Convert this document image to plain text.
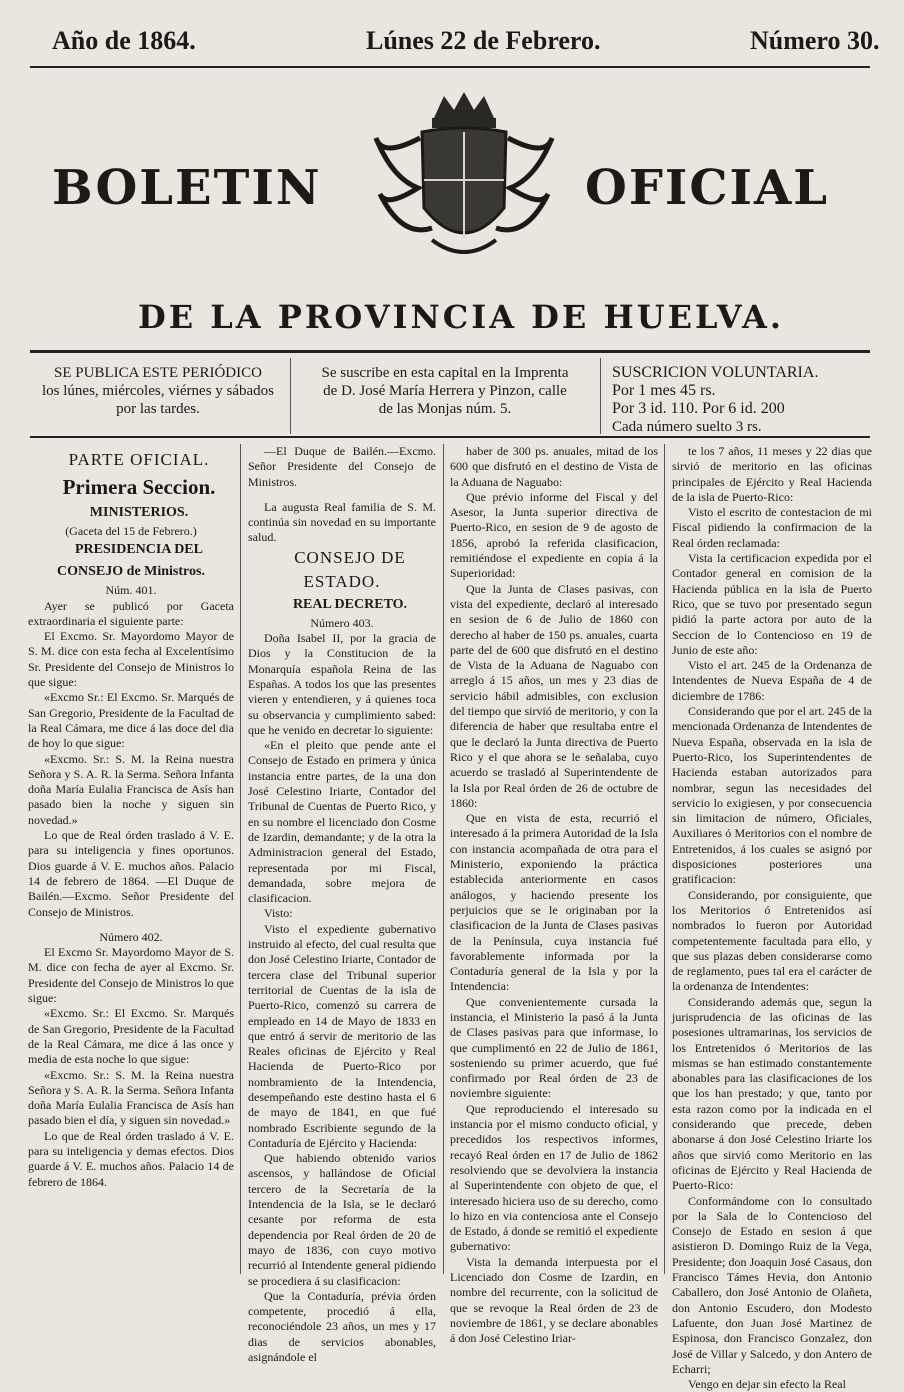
Año de 1864.	Lúnes 22 de Febrero.	Número 30.
BOLETIN	OFICIAL
DE LA PROVINCIA DE HUELVA.
SE PUBLICA ESTE PERIÓDICO
los lúnes, miércoles, viérnes y sábados
por las tardes.
Se suscribe en esta capital en la Imprenta
de D. José María Herrera y Pinzon, calle
de las Monjas núm. 5.
SUSCRICION VOLUNTARIA.
Por 1 mes 45 rs.
Por 3 id. 110. Por 6 id. 200
Cada número suelto 3 rs.

PARTE OFICIAL.

Primera Seccion.

MINISTERIOS.

(Gaceta del 15 de Febrero.)

PRESIDENCIA DEL CONSEJO de Ministros.

Núm. 401.

Ayer se publicó por Gaceta extraordinaria el siguiente parte:

El Excmo. Sr. Mayordomo Mayor de S. M. dice con esta fecha al Excelentísimo Sr. Presidente del Consejo de Ministros lo que sigue:

«Excmo Sr.: El Excmo. Sr. Marqués de San Gregorio, Presidente de la Facultad de la Real Cámara, me dice á las doce del dia de hoy lo que sigue:

«Excmo. Sr.: S. M. la Reina nuestra Señora y S. A. R. la Serma. Señora Infanta doña María Eulalia Francisca de Asís han pasado bien la noche y siguen sin novedad.»

Lo que de Real órden traslado á V. E. para su inteligencia y fines oportunos. Dios guarde á V. E. muchos años. Palacio 14 de febrero de 1864. —El Duque de Bailén.—Excmo. Señor Presidente del Consejo de Ministros.

Número 402.

El Excmo Sr. Mayordomo Mayor de S. M. dice con fecha de ayer al Excmo. Sr. Presidente del Consejo de Ministros lo que sigue:

«Excmo. Sr.: El Excmo. Sr. Marqués de San Gregorio, Presidente de la Facultad de la Real Cámara, me dice á las once y media de esta noche lo que sigue:

«Excmo. Sr.: S. M. la Reina nuestra Señora y S. A. R. la Serma. Señora Infanta doña María Eulalia Francisca de Asís han pasado bien el día, y siguen sin novedad.»

Lo que de Real órden traslado á V. E. para su inteligencia y demas efectos. Dios guarde á V. E. muchos años. Palacio 14 de febrero de 1864.

—El Duque de Bailén.—Excmo. Señor Presidente del Consejo de Ministros.

La augusta Real familia de S. M. continúa sin novedad en su importante salud.

CONSEJO DE ESTADO.

REAL DECRETO.

Número 403.

Doña Isabel II, por la gracia de Dios y la Constitucion de la Monarquía española Reina de las Españas. A todos los que las presentes vieren y entendieren, y á quienes toca su observancia y cumplimiento sabed: que he venido en decretar lo siguiente:

«En el pleito que pende ante el Consejo de Estado en primera y única instancia entre partes, de la una don José Celestino Iriarte, Contador del Tribunal de Cuentas de Puerto Rico, y en su nombre el licenciado don Cosme de Izardin, demandante; y de la otra la Administracion general del Estado, representada por mi Fiscal, demandada, sobre mejora de clasificacion.

Visto:

Visto el expediente gubernativo instruido al efecto, del cual resulta que don José Celestino Iriarte, Contador de tercera clase del Tribunal superior territorial de Cuentas de la isla de Puerto-Rico, comenzó su carrera de empleado en 14 de Mayo de 1833 en que entró á servir de meritorio de las Reales oficinas de Ejército y Real Hacienda de Puerto-Rico por nombramiento de la Intendencia, desempeñando este destino hasta el 6 de mayo de 1841, en que fué nombrado Escribiente segundo de la Contaduría de Ejército y Hacienda:

Que habiendo obtenido varios ascensos, y hallándose de Oficial tercero de la Secretaría de la Intendencia de la Isla, se le declaró cesante por reforma de esta dependencia por Real órden de 20 de mayo de 1836, con cuyo motivo recurrió al Intendente general pidiendo se procediera á su clasificacion:

Que la Contaduría, prévia órden competente, procedió á ella, reconociéndole 23 años, un mes y 17 dias de servicios abonables, asignándole el

haber de 300 ps. anuales, mitad de los 600 que disfrutó en el destino de Vista de la Aduana de Naguabo:

Que prévio informe del Fiscal y del Asesor, la Junta superior directiva de Puerto-Rico, en sesion de 9 de agosto de 1856, aprobó la referida clasificacion, remitiéndose el expediente en copia á la Superioridad:

Que la Junta de Clases pasivas, con vista del expediente, declaró al interesado en sesion de 6 de Julio de 1860 con derecho al haber de 150 ps. anuales, cuarta parte del de 600 que disfrutó en el destino de Vista de la Aduana de Naguabo con arreglo á 15 años, un mes y 23 dias de servicio hábil admisibles, con exclusion del tiempo que sirvió de meritorio, y con la diferencia de haber que resultaba entre el que le declaró la Junta directiva de Puerto Rico y el que ahora se le señalaba, cuyo acuerdo se trasladó al Superintendente de la Isla por Real órden de 26 de octubre de 1860:

Que en vista de esta, recurrió el interesado á la primera Autoridad de la Isla con instancia acompañada de otra para el Ministerio, exponiendo la práctica establecida anteriormente en casos análogos, y haciendo presente los perjuicios que se le originaban por la clasificacion de la Junta de Clases pasivas de la Península, cuya instancia fué favorablemente informada por la Contaduría general de la Isla y por la Intendencia:

Que convenientemente cursada la instancia, el Ministerio la pasó á la Junta de Clases pasivas para que informase, lo que cumplimentó en 22 de Julio de 1861, sosteniendo su primer acuerdo, que fué confirmado por Real órden de 23 de noviembre siguiente:

Que reproduciendo el interesado su instancia por el mismo conducto oficial, y precedidos los respectivos informes, recayó Real órden en 17 de Julio de 1862 resolviendo que se devolviera la instancia al Superintendente con objeto de que, el interesado hiciera uso de su derecho, como lo hizo en via contenciosa ante el Consejo de Estado, á donde se remitió el expediente gubernativo:

Vista la demanda interpuesta por el Licenciado don Cosme de Izardin, en nombre del recurrente, con la solicitud de que se revoque la Real órden de 23 de noviembre de 1861, y se declare abonables á don José Celestino Iriar-

te los 7 años, 11 meses y 22 dias que sirvió de meritorio en las oficinas principales de Ejército y Real Hacienda de la isla de Puerto-Rico:

Visto el escrito de contestacion de mi Fiscal pidiendo la confirmacion de la Real órden reclamada:

Vista la certificacion expedida por el Contador general en comision de la Hacienda pública en la isla de Puerto Rico, que se tuvo por presentado segun pidió la parte actora por auto de la Seccion de lo Contencioso en 19 de Junio de este año:

Visto el art. 245 de la Ordenanza de Intendentes de Nueva España de 4 de diciembre de 1786:

Considerando que por el art. 245 de la mencionada Ordenanza de Intendentes de Nueva España, observada en la isla de Puerto-Rico, los Superintendentes de Hacienda estaban autorizados para nombrar, segun las necesidades del servicio lo exigiesen, y por consecuencia sin limitacion de número, Oficiales, Auxiliares ó Meritorios con el nombre de Entretenidos, á los cuales se asignó por disposiciones posteriores una gratificacion:

Considerando, por consiguiente, que los Meritorios ó Entretenidos así nombrados lo fueron por Autoridad competentemente facultada para ello, y que sus plazas deben considerarse como de reglamento, pues tal era el carácter de la ordenanza de Intendentes:

Considerando además que, segun la jurisprudencia de las oficinas de las posesiones ultramarinas, los servicios de los Entretenidos ó Meritorios de las mismas se han estimado constantemente abonables para las clasificaciones de los que los han prestado; y que, tanto por esta razon como por la indicada en el considerando que precede, deben abonarse á don José Celestino Iriarte los años que sirvió como Meritorio en las oficinas de Ejército y Real Hacienda de Puerto-Rico:

Conformándome con lo consultado por la Sala de lo Contencioso del Consejo de Estado en sesion á que asistieron D. Domingo Ruiz de la Vega, Presidente; don Joaquin José Casaus, don Francisco Támes Hevia, don Antonio Caballero, don José Antonio de Olañeta, don Antonio Escudero, don Modesto Lafuente, don Juan José Martinez de Espinosa, don Francisco Gonzalez, don José de Villar y Salcedo, y don Antero de Echarri;

Vengo en dejar sin efecto la Real
